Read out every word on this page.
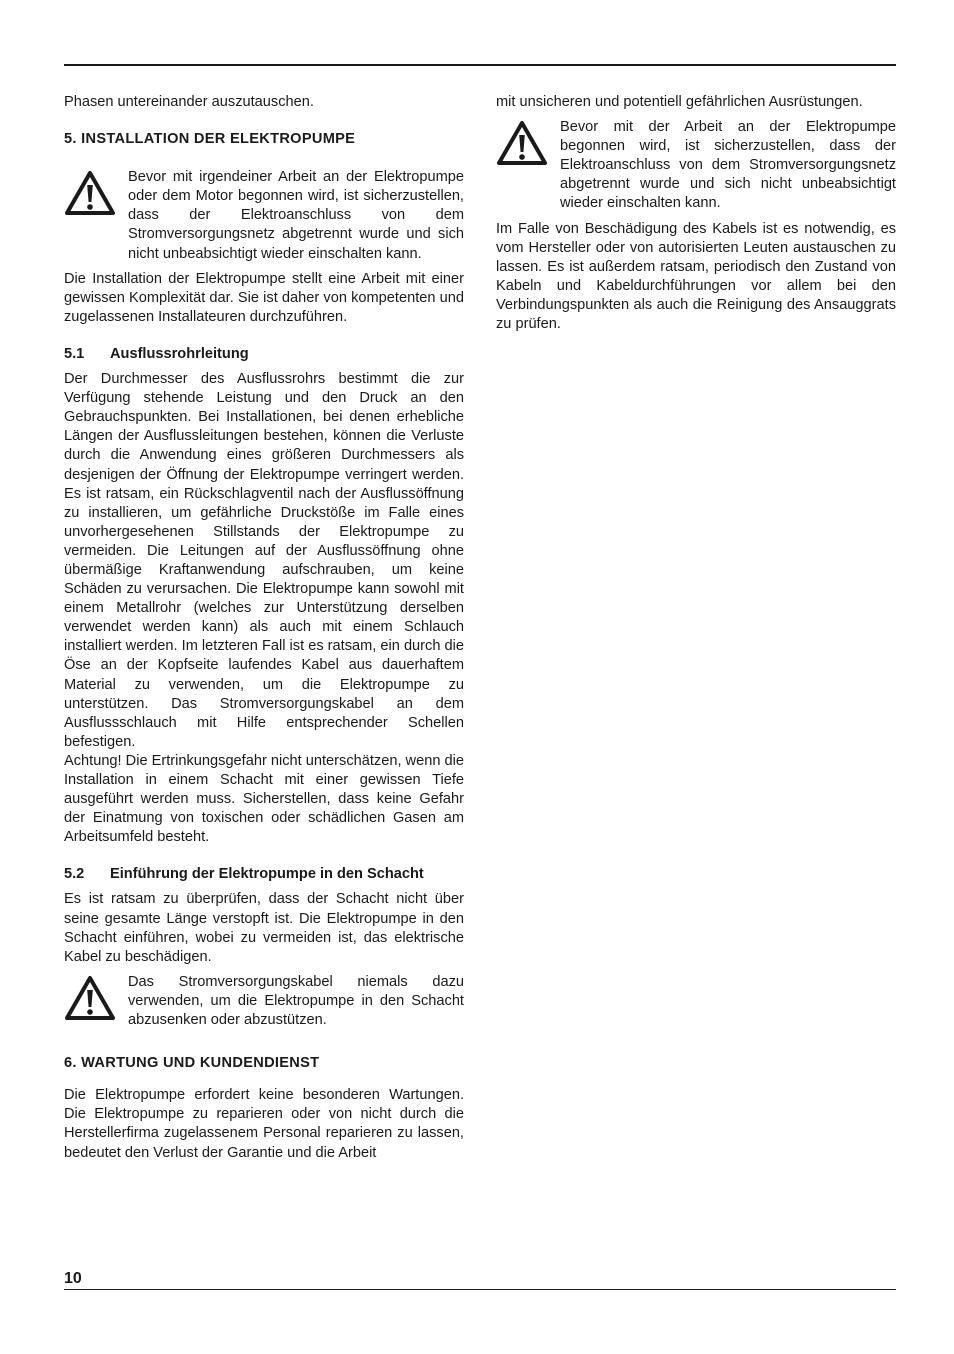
Phasen untereinander auszutauschen.

5. INSTALLATION DER ELEKTROPUMPE

Bevor mit irgendeiner Arbeit an der Elektropumpe oder dem Motor begonnen wird, ist sicherzustellen, dass der Elektroanschluss von dem Stromversorgungsnetz abgetrennt wurde und sich nicht unbeabsichtigt wieder einschalten kann.

Die Installation der Elektropumpe stellt eine Arbeit mit einer gewissen Komplexität dar. Sie ist daher von kompetenten und zugelassenen Installateuren durchzuführen.

5.1	Ausflussrohrleitung

Der Durchmesser des Ausflussrohrs bestimmt die zur Verfügung stehende Leistung und den Druck an den Gebrauchspunkten. Bei Installationen, bei denen erhebliche Längen der Ausflussleitungen bestehen, können die Verluste durch die Anwendung eines größeren Durchmessers als desjenigen der Öffnung der Elektropumpe verringert werden. Es ist ratsam, ein Rückschlagventil nach der Ausflussöffnung zu installieren, um gefährliche Druckstöße im Falle eines unvorhergesehenen Stillstands der Elektropumpe zu vermeiden. Die Leitungen auf der Ausflussöffnung ohne übermäßige Kraftanwendung aufschrauben, um keine Schäden zu verursachen. Die Elektropumpe kann sowohl mit einem Metallrohr (welches zur Unterstützung derselben verwendet werden kann) als auch mit einem Schlauch installiert werden. Im letzteren Fall ist es ratsam, ein durch die Öse an der Kopfseite laufendes Kabel aus dauerhaftem Material zu verwenden, um die Elektropumpe zu unterstützen. Das Stromversorgungskabel an dem Ausflussschlauch mit Hilfe entsprechender Schellen befestigen.

Achtung! Die Ertrinkungsgefahr nicht unterschätzen, wenn die Installation in einem Schacht mit einer gewissen Tiefe ausgeführt werden muss. Sicherstellen, dass keine Gefahr der Einatmung von toxischen oder schädlichen Gasen am Arbeitsumfeld besteht.

5.2	Einführung der Elektropumpe in den Schacht

Es ist ratsam zu überprüfen, dass der Schacht nicht über seine gesamte Länge verstopft ist. Die Elektropumpe in den Schacht einführen, wobei zu vermeiden ist, das elektrische Kabel zu beschädigen.

Das Stromversorgungskabel niemals dazu verwenden, um die Elektropumpe in den Schacht abzusenken oder abzustützen.

6. WARTUNG UND KUNDENDIENST

Die Elektropumpe erfordert keine besonderen Wartungen. Die Elektropumpe zu reparieren oder von nicht durch die Herstellerfirma zugelassenem Personal reparieren zu lassen, bedeutet den Verlust der Garantie und die Arbeit

mit unsicheren und potentiell gefährlichen Ausrüstungen.

Bevor mit der Arbeit an der Elektropumpe begonnen wird, ist sicherzustellen, dass der Elektroanschluss von dem Stromversorgungsnetz abgetrennt wurde und sich nicht unbeabsichtigt wieder einschalten kann.

Im Falle von Beschädigung des Kabels ist es notwendig, es vom Hersteller oder von autorisierten Leuten austauschen zu lassen. Es ist außerdem ratsam, periodisch den Zustand von Kabeln und Kabeldurchführungen vor allem bei den Verbindungspunkten als auch die Reinigung des Ansauggrats zu prüfen.

10
